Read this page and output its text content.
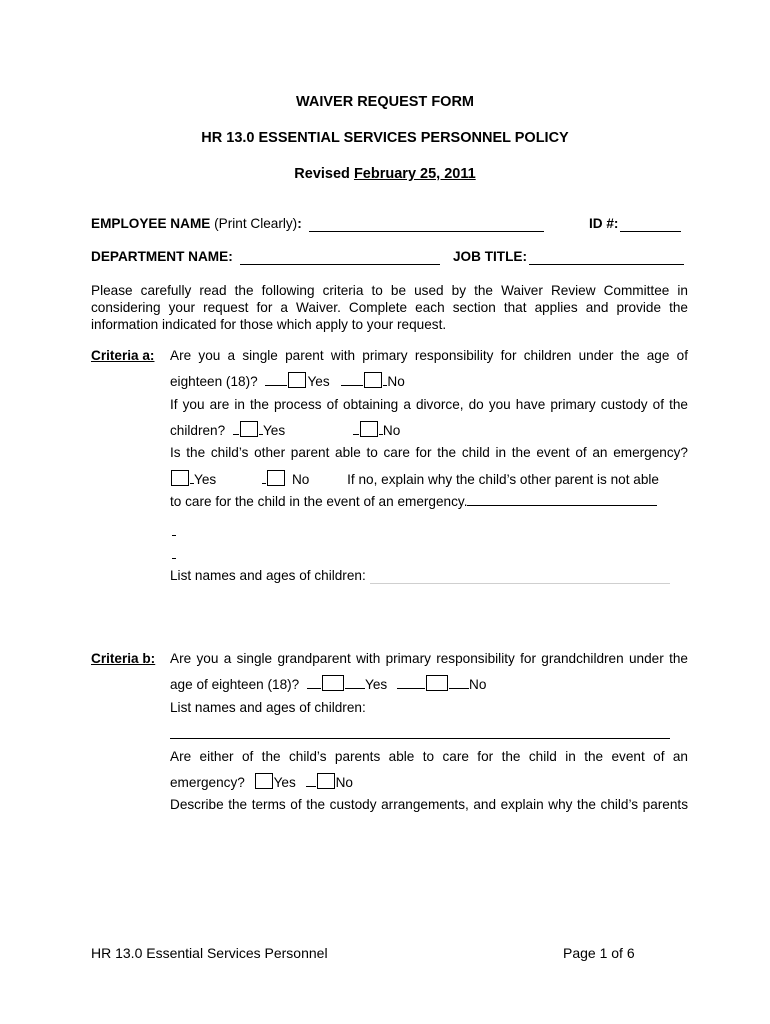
WAIVER REQUEST FORM
HR 13.0 ESSENTIAL SERVICES PERSONNEL POLICY
Revised February 25, 2011
EMPLOYEE NAME (Print Clearly):	ID #:
DEPARTMENT NAME:	JOB TITLE:
Please carefully read the following criteria to be used by the Waiver Review Committee in considering your request for a Waiver. Complete each section that applies and provide the information indicated for those which apply to your request.
Criteria a: Are you a single parent with primary responsibility for children under the age of
eighteen (18)?	Yes	No
If you are in the process of obtaining a divorce, do you have primary custody of the
children?	Yes	No
Is the child’s other parent able to care for the child in the event of an emergency?
Yes	No	If no, explain why the child’s other parent is not able
to care for the child in the event of an emergency.
List names and ages of children:
Criteria b: Are you a single grandparent with primary responsibility for grandchildren under the
age of eighteen (18)?	Yes	No
List names and ages of children:
Are either of the child’s parents able to care for the child in the event of an
emergency? Yes	No
Describe the terms of the custody arrangements, and explain why the child’s parents
HR 13.0 Essential Services Personnel	Page 1 of 6
